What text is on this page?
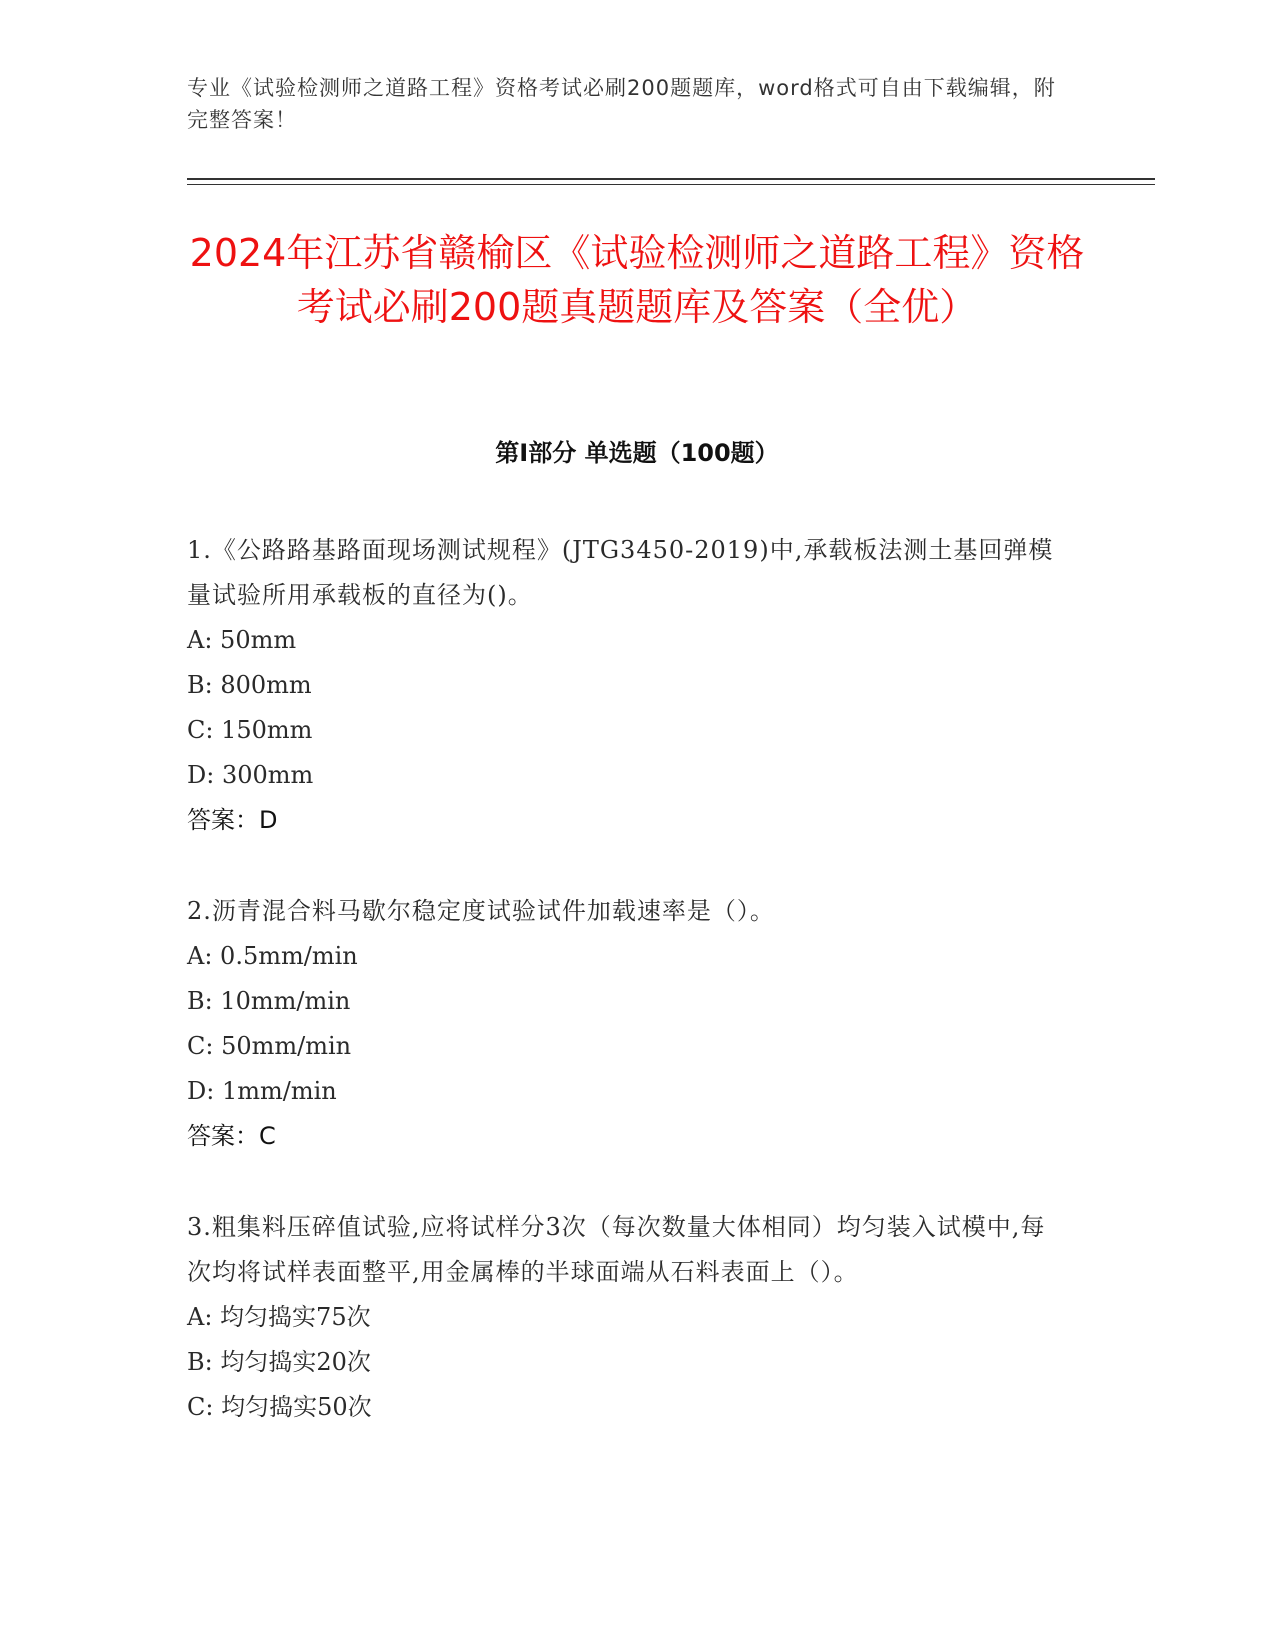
专业《试验检测师之道路工程》资格考试必刷200题题库，word格式可自由下载编辑，附完整答案！
2024年江苏省赣榆区《试验检测师之道路工程》资格考试必刷200题真题题库及答案（全优）
第I部分 单选题（100题）
1.《公路路基路面现场测试规程》(JTG3450-2019)中,承载板法测土基回弹模量试验所用承载板的直径为()。
A: 50mm
B: 800mm
C: 150mm
D: 300mm
答案：D
2.沥青混合料马歇尔稳定度试验试件加载速率是（）。
A: 0.5mm/min
B: 10mm/min
C: 50mm/min
D: 1mm/min
答案：C
3.粗集料压碎值试验,应将试样分3次（每次数量大体相同）均匀装入试模中,每次均将试样表面整平,用金属棒的半球面端从石料表面上（）。
A: 均匀捣实75次
B: 均匀捣实20次
C: 均匀捣实50次
